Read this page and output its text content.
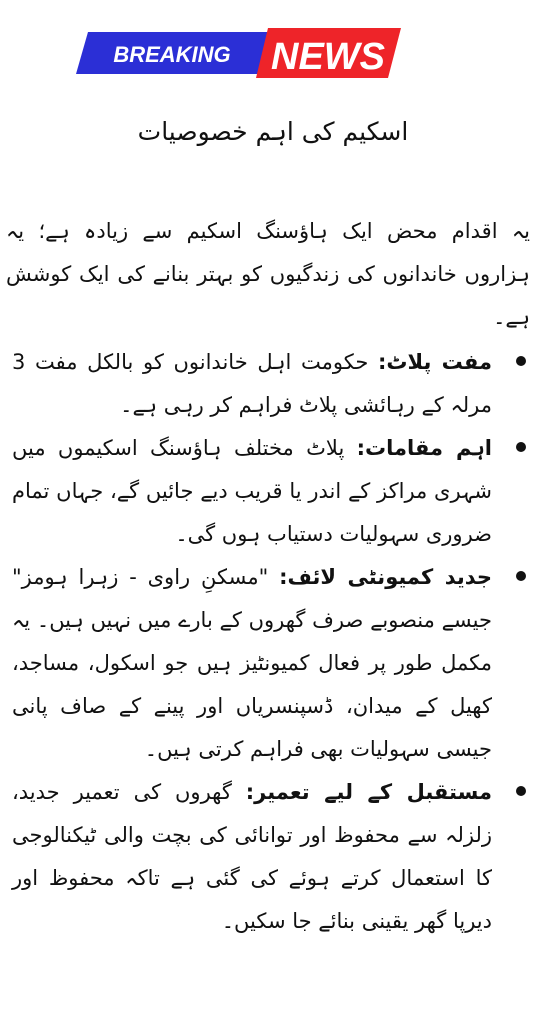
BREAKING NEWS
اسکیم کی اہم خصوصیات

یہ اقدام محض ایک ہاؤسنگ اسکیم سے زیادہ ہے؛ یہ ہزاروں خاندانوں کی زندگیوں کو بہتر بنانے کی ایک کوشش ہے۔

مفت پلاٹ: حکومت اہل خاندانوں کو بالکل مفت 3 مرلہ کے رہائشی پلاٹ فراہم کر رہی ہے۔
اہم مقامات: پلاٹ مختلف ہاؤسنگ اسکیموں میں شہری مراکز کے اندر یا قریب دیے جائیں گے، جہاں تمام ضروری سہولیات دستیاب ہوں گی۔
جدید کمیونٹی لائف: "مسکنِ راوی - زہرا ہومز" جیسے منصوبے صرف گھروں کے بارے میں نہیں ہیں۔ یہ مکمل طور پر فعال کمیونٹیز ہیں جو اسکول، مساجد، کھیل کے میدان، ڈسپنسریاں اور پینے کے صاف پانی جیسی سہولیات بھی فراہم کرتی ہیں۔
مستقبل کے لیے تعمیر: گھروں کی تعمیر جدید، زلزلہ سے محفوظ اور توانائی کی بچت والی ٹیکنالوجی کا استعمال کرتے ہوئے کی گئی ہے تاکہ محفوظ اور دیرپا گھر یقینی بنائے جا سکیں۔
